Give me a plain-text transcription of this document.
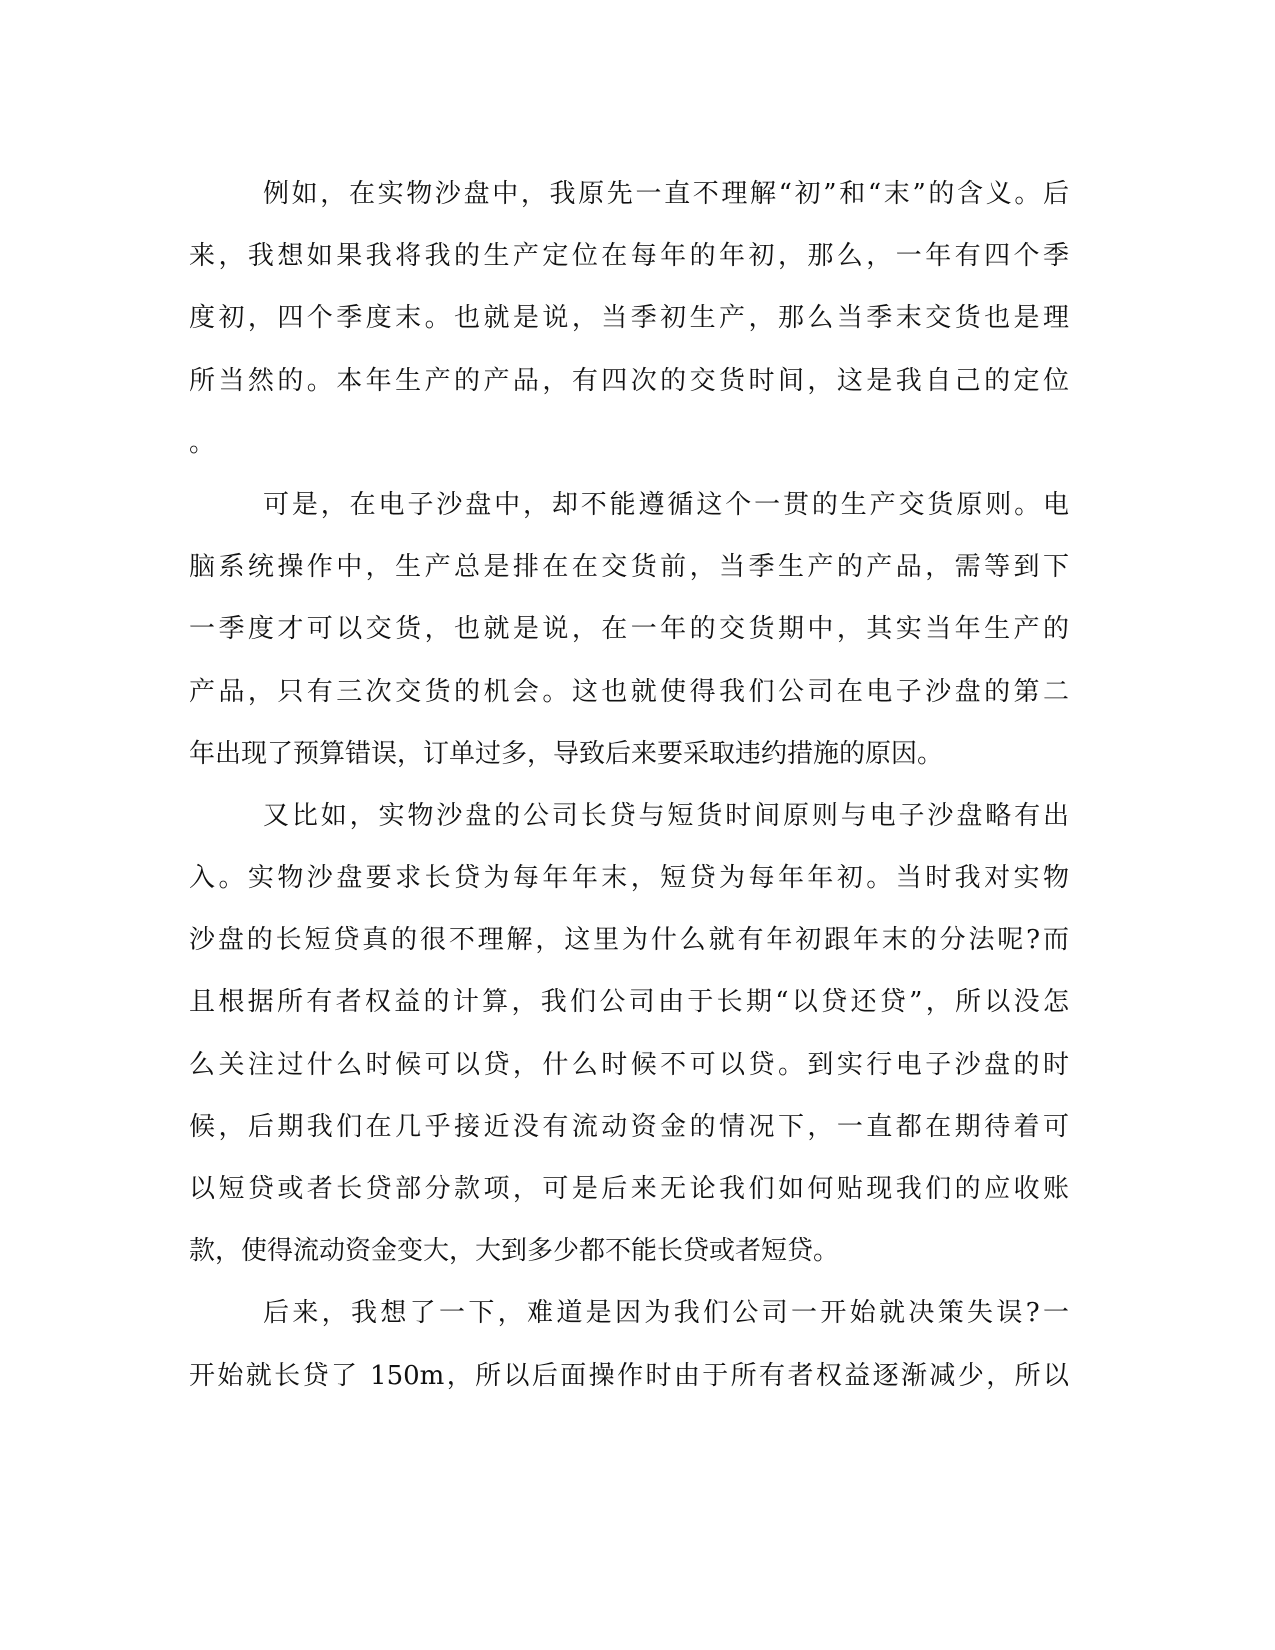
例如，在实物沙盘中，我原先一直不理解“初”和“末”的含义。后
来，我想如果我将我的生产定位在每年的年初，那么，一年有四个季
度初，四个季度末。也就是说，当季初生产，那么当季末交货也是理
所当然的。本年生产的产品，有四次的交货时间，这是我自己的定位
。
可是，在电子沙盘中，却不能遵循这个一贯的生产交货原则。电
脑系统操作中，生产总是排在在交货前，当季生产的产品，需等到下
一季度才可以交货，也就是说，在一年的交货期中，其实当年生产的
产品，只有三次交货的机会。这也就使得我们公司在电子沙盘的第二
年出现了预算错误，订单过多，导致后来要采取违约措施的原因。
又比如，实物沙盘的公司长贷与短货时间原则与电子沙盘略有出
入。实物沙盘要求长贷为每年年末，短贷为每年年初。当时我对实物
沙盘的长短贷真的很不理解，这里为什么就有年初跟年末的分法呢?而
且根据所有者权益的计算，我们公司由于长期“以贷还贷”，所以没怎
么关注过什么时候可以贷，什么时候不可以贷。到实行电子沙盘的时
候，后期我们在几乎接近没有流动资金的情况下，一直都在期待着可
以短贷或者长贷部分款项，可是后来无论我们如何贴现我们的应收账
款，使得流动资金变大，大到多少都不能长贷或者短贷。
后来，我想了一下，难道是因为我们公司一开始就决策失误?一
开始就长贷了 150m，所以后面操作时由于所有者权益逐渐减少，所以
